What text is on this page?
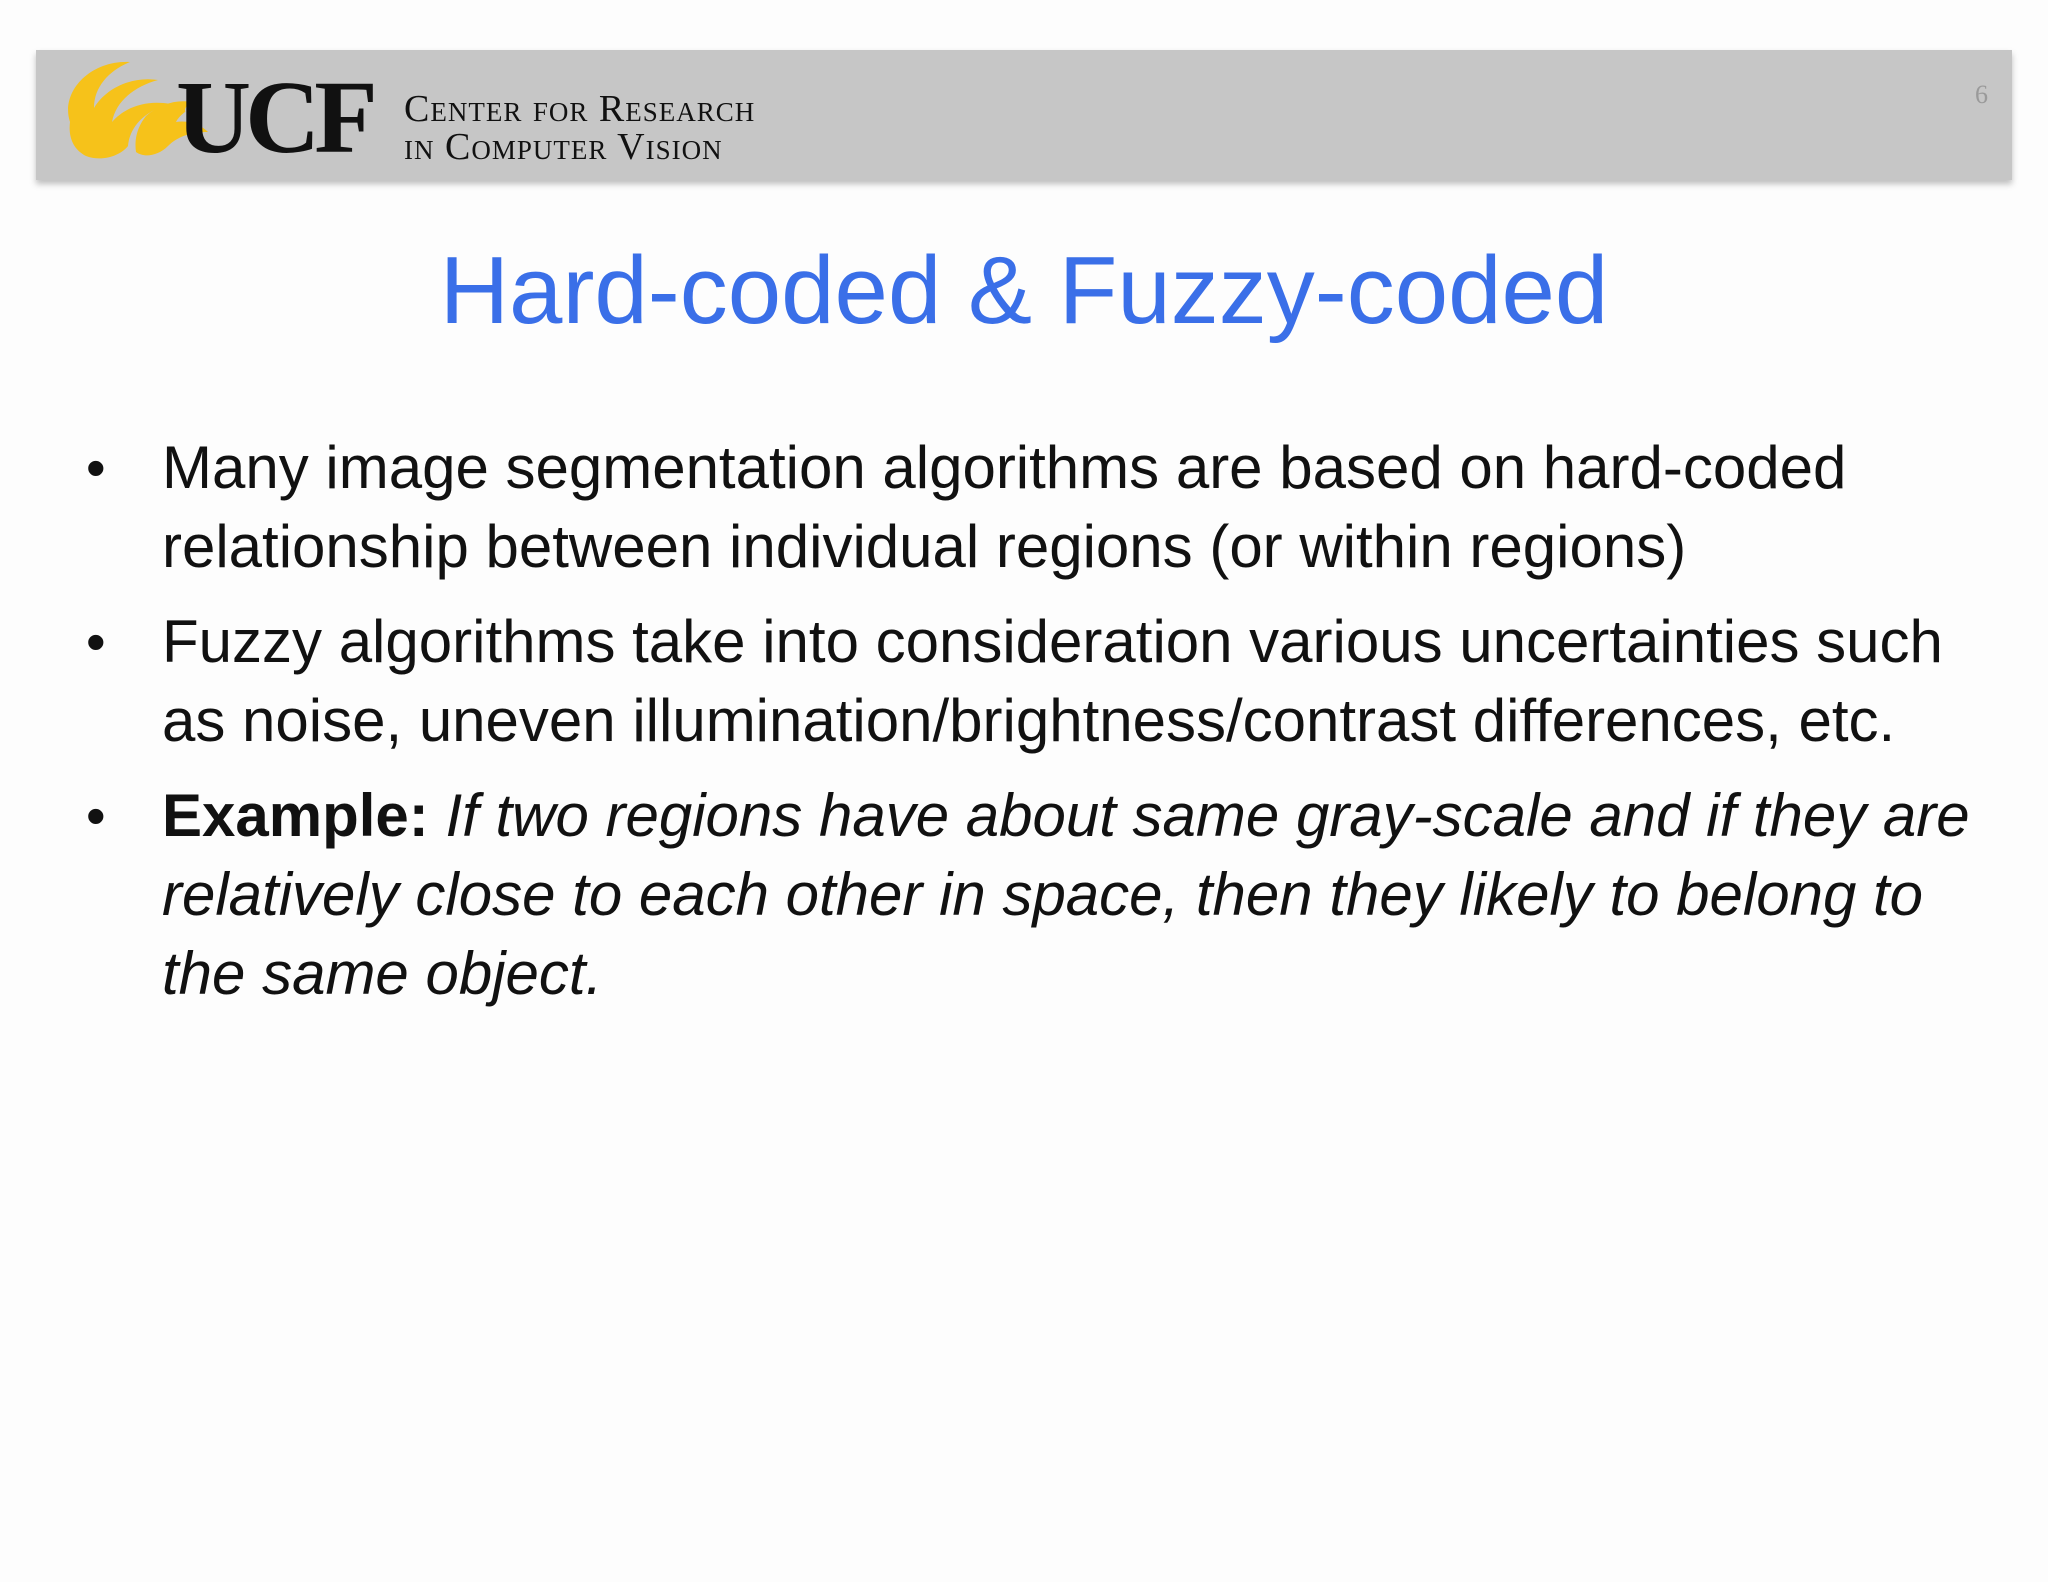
UCF Center for Research
in Computer Vision
6
Hard-coded & Fuzzy-coded
• Many image segmentation algorithms are based on hard-coded relationship between individual regions (or within regions)
• Fuzzy algorithms take into consideration various uncertainties such as noise, uneven illumination/brightness/contrast differences, etc.
• Example: If two regions have about same gray-scale and if they are relatively close to each other in space, then they likely to belong to the same object.
